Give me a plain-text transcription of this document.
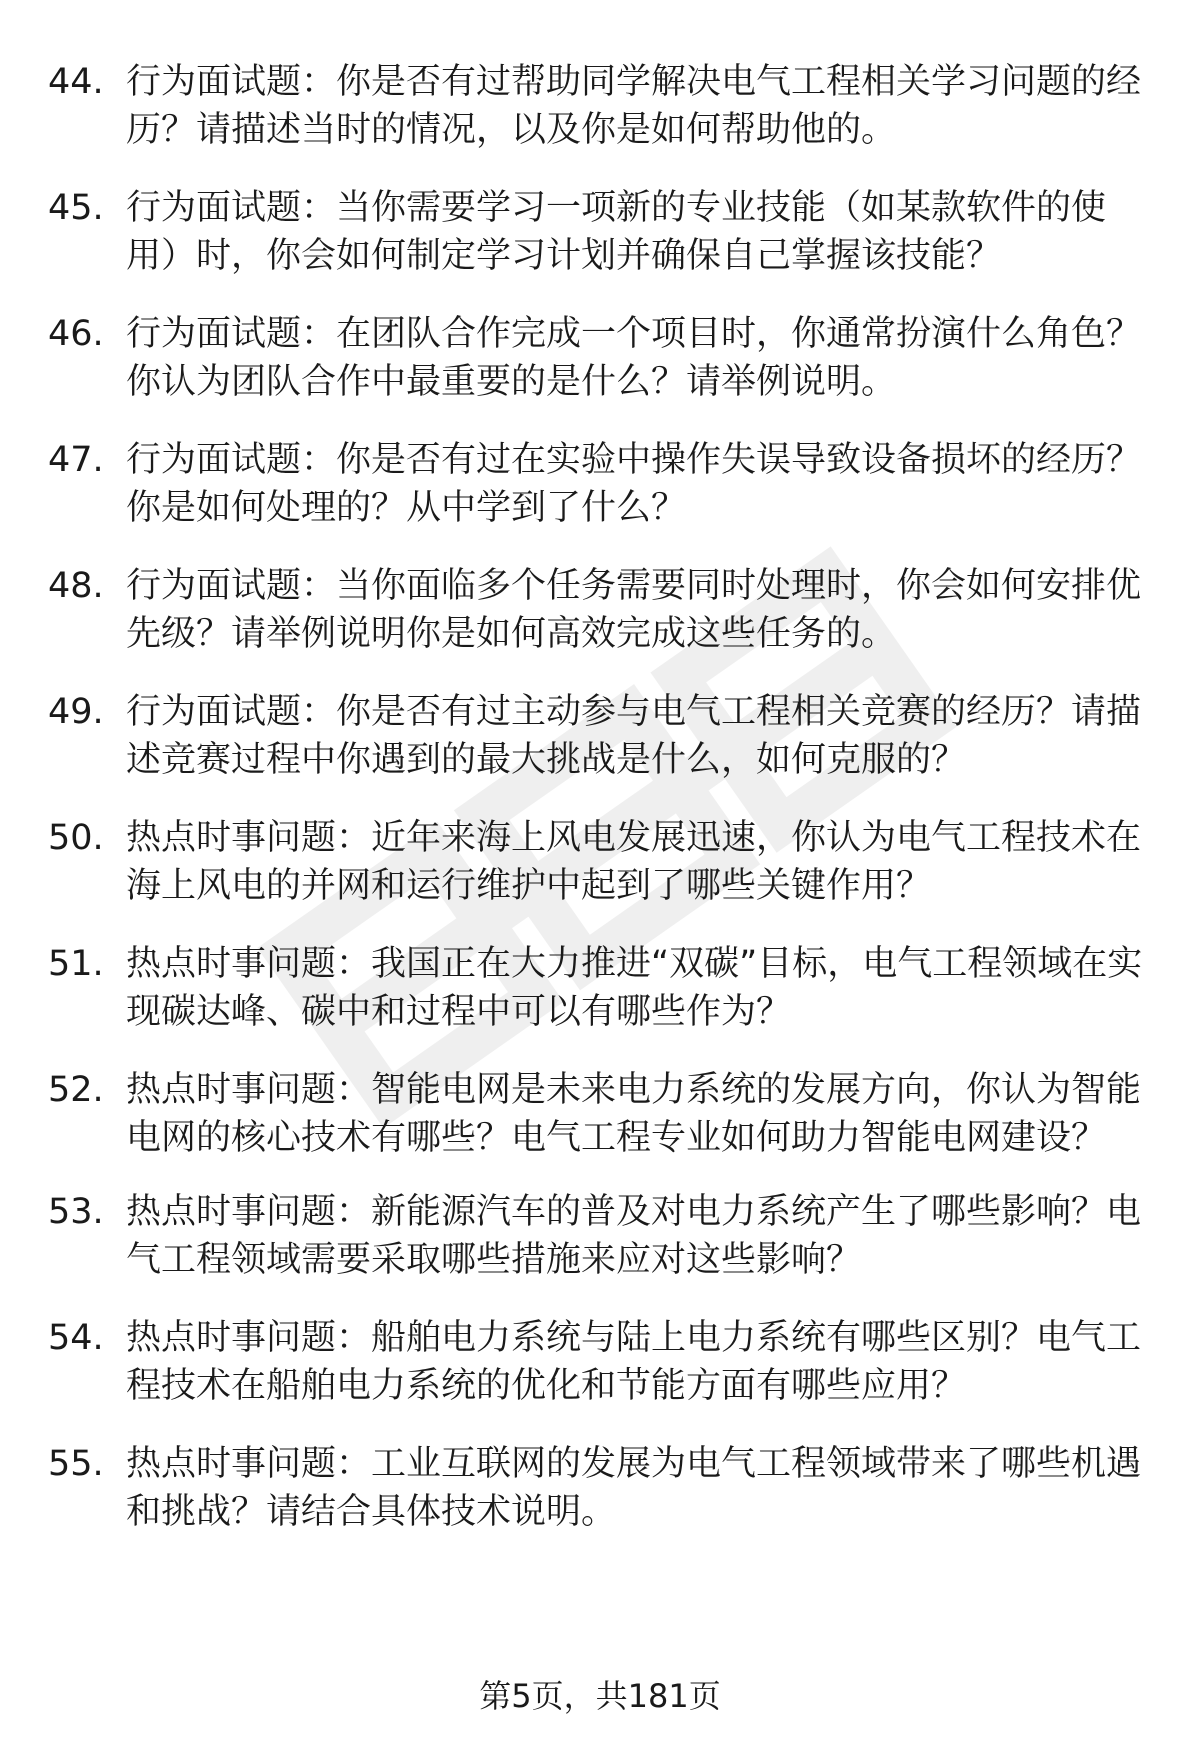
44. 行为面试题：你是否有过帮助同学解决电气工程相关学习问题的经历？请描述当时的情况，以及你是如何帮助他的。
45. 行为面试题：当你需要学习一项新的专业技能（如某款软件的使用）时，你会如何制定学习计划并确保自己掌握该技能？
46. 行为面试题：在团队合作完成一个项目时，你通常扮演什么角色？你认为团队合作中最重要的是什么？请举例说明。
47. 行为面试题：你是否有过在实验中操作失误导致设备损坏的经历？你是如何处理的？从中学到了什么？
48. 行为面试题：当你面临多个任务需要同时处理时，你会如何安排优先级？请举例说明你是如何高效完成这些任务的。
49. 行为面试题：你是否有过主动参与电气工程相关竞赛的经历？请描述竞赛过程中你遇到的最大挑战是什么，如何克服的？
50. 热点时事问题：近年来海上风电发展迅速，你认为电气工程技术在海上风电的并网和运行维护中起到了哪些关键作用？
51. 热点时事问题：我国正在大力推进“双碳”目标，电气工程领域在实现碳达峰、碳中和过程中可以有哪些作为？
52. 热点时事问题：智能电网是未来电力系统的发展方向，你认为智能电网的核心技术有哪些？电气工程专业如何助力智能电网建设？
53. 热点时事问题：新能源汽车的普及对电力系统产生了哪些影响？电气工程领域需要采取哪些措施来应对这些影响？
54. 热点时事问题：船舶电力系统与陆上电力系统有哪些区别？电气工程技术在船舶电力系统的优化和节能方面有哪些应用？
55. 热点时事问题：工业互联网的发展为电气工程领域带来了哪些机遇和挑战？请结合具体技术说明。
第5页，共181页
